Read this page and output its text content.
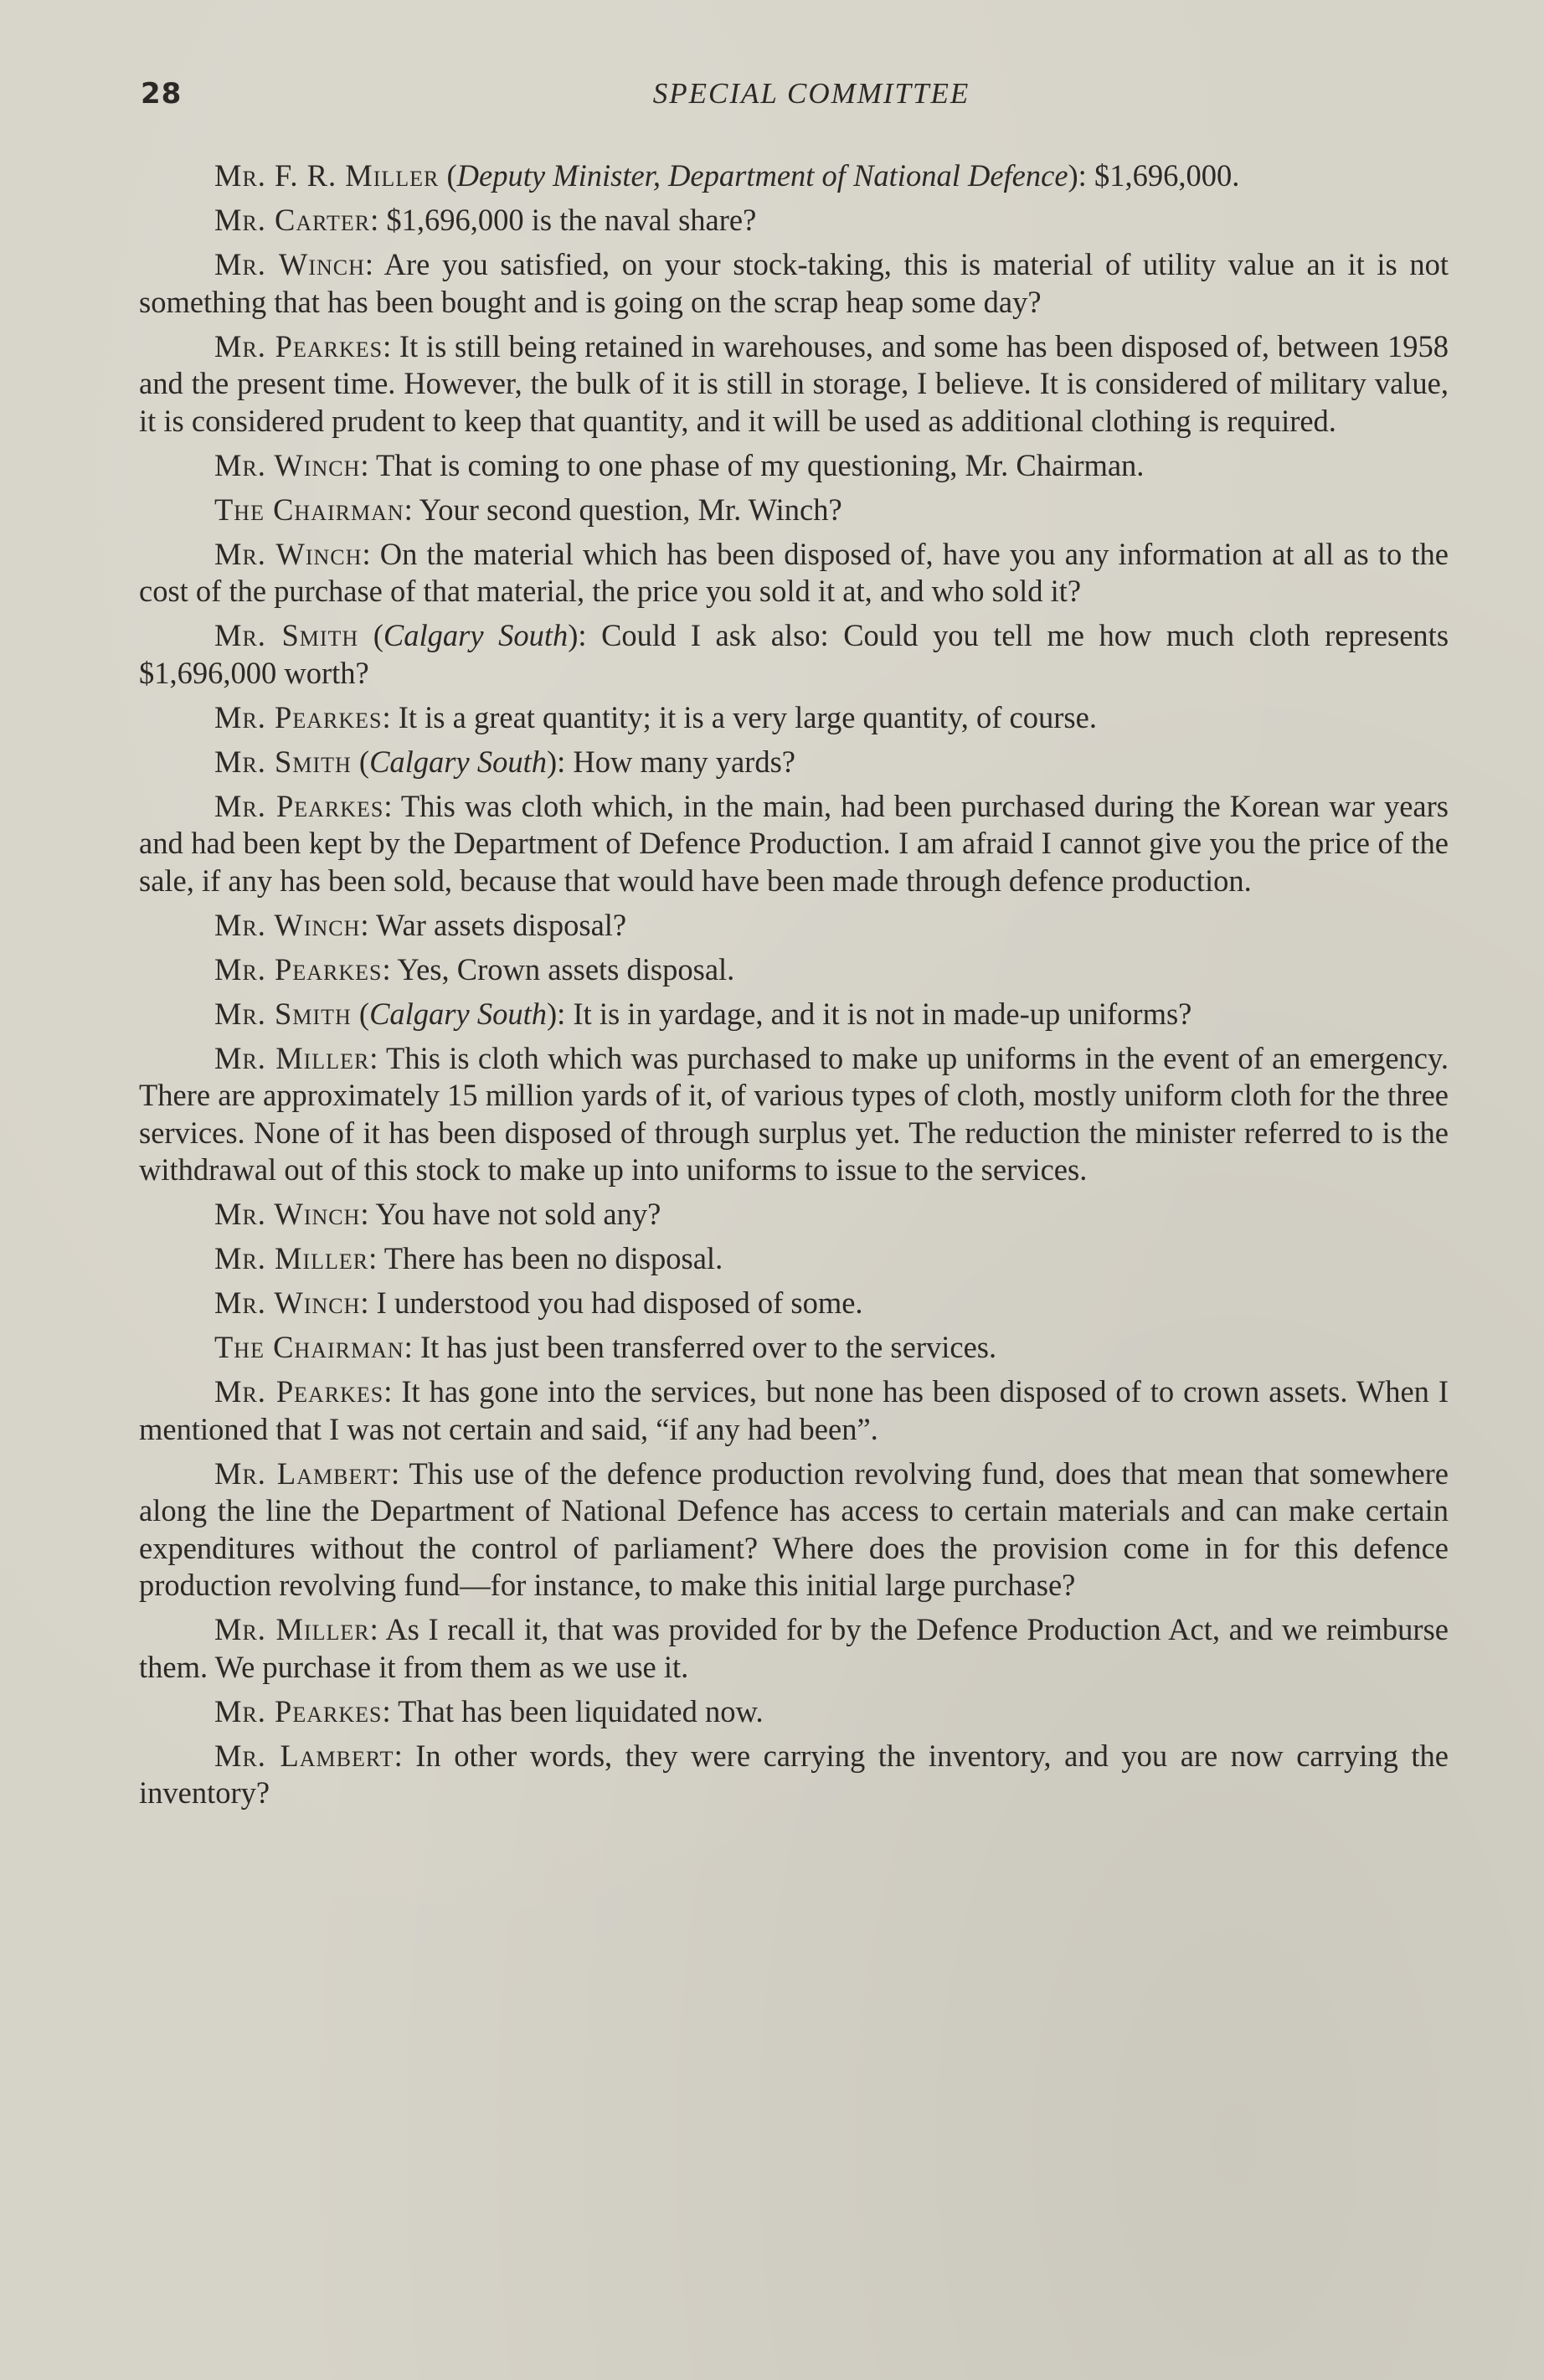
28	SPECIAL COMMITTEE

Mr. F. R. Miller (Deputy Minister, Department of National Defence): $1,696,000.

Mr. Carter: $1,696,000 is the naval share?

Mr. Winch: Are you satisfied, on your stock-taking, this is material of utility value an it is not something that has been bought and is going on the scrap heap some day?

Mr. Pearkes: It is still being retained in warehouses, and some has been disposed of, between 1958 and the present time. However, the bulk of it is still in storage, I believe. It is considered of military value, it is considered prudent to keep that quantity, and it will be used as additional clothing is required.

Mr. Winch: That is coming to one phase of my questioning, Mr. Chairman.

The Chairman: Your second question, Mr. Winch?

Mr. Winch: On the material which has been disposed of, have you any information at all as to the cost of the purchase of that material, the price you sold it at, and who sold it?

Mr. Smith (Calgary South): Could I ask also: Could you tell me how much cloth represents $1,696,000 worth?

Mr. Pearkes: It is a great quantity; it is a very large quantity, of course.

Mr. Smith (Calgary South): How many yards?

Mr. Pearkes: This was cloth which, in the main, had been purchased during the Korean war years and had been kept by the Department of Defence Production. I am afraid I cannot give you the price of the sale, if any has been sold, because that would have been made through defence production.

Mr. Winch: War assets disposal?

Mr. Pearkes: Yes, Crown assets disposal.

Mr. Smith (Calgary South): It is in yardage, and it is not in made-up uniforms?

Mr. Miller: This is cloth which was purchased to make up uniforms in the event of an emergency. There are approximately 15 million yards of it, of various types of cloth, mostly uniform cloth for the three services. None of it has been disposed of through surplus yet. The reduction the minister referred to is the withdrawal out of this stock to make up into uniforms to issue to the services.

Mr. Winch: You have not sold any?

Mr. Miller: There has been no disposal.

Mr. Winch: I understood you had disposed of some.

The Chairman: It has just been transferred over to the services.

Mr. Pearkes: It has gone into the services, but none has been disposed of to crown assets. When I mentioned that I was not certain and said, “if any had been”.

Mr. Lambert: This use of the defence production revolving fund, does that mean that somewhere along the line the Department of National Defence has access to certain materials and can make certain expenditures without the control of parliament? Where does the provision come in for this defence production revolving fund—for instance, to make this initial large purchase?

Mr. Miller: As I recall it, that was provided for by the Defence Production Act, and we reimburse them. We purchase it from them as we use it.

Mr. Pearkes: That has been liquidated now.

Mr. Lambert: In other words, they were carrying the inventory, and you are now carrying the inventory?
